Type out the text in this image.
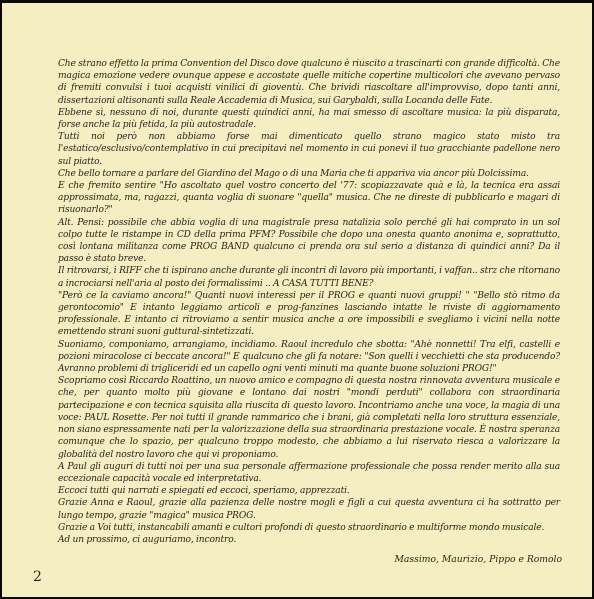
Che strano effetto la prima Convention del Disco dove qualcuno è riuscito a trascinarti con grande difficoltà. Che magica emozione vedere ovunque appese e accostate quelle mitiche copertine multicolori che avevano pervaso di fremiti convulsi i tuoi acquisti vinilici di gioventù. Che brividi riascoltare all'improvviso, dopo tanti anni, dissertazioni altisonanti sulla Reale Accademia di Musica, sui Garybaldi, sulla Locanda delle Fate.

Ebbene sì, nessuno di noi, durante questi quindici anni, ha mai smesso di ascoltare musica: la più disparata, forse anche la più fetida, la più autostradale.

Tutti noi però non abbiamo forse mai dimenticato quello strano magico stato misto tra l'estatico/esclusivo/contemplativo in cui precipitavi nel momento in cui ponevi il tuo gracchiante padellone nero sul piatto.

Che bello tornare a parlare del Giardino del Mago o di una Maria che ti appariva via ancor più Dolcissima.

E che fremito sentire "Ho ascoltato quel vostro concerto del '77: scopiazzavate quà e là, la tecnica era assai approssimata, ma, ragazzi, quanta voglia di suonare "quella" musica. Che ne direste di pubblicarlo e magari di risuonarlo?"

Alt. Pensi: possibile che abbia voglia di una magistrale presa natalizia solo perché gli hai comprato in un sol colpo tutte le ristampe in CD della prima PFM? Possibile che dopo una onesta quanto anonima e, soprattutto, così lontana militanza come PROG BAND qualcuno ci prenda ora sul serio a distanza di quindici anni? Da il passo è stato breve.

Il ritrovarsi, i RIFF che ti ispirano anche durante gli incontri di lavoro più importanti, i vaffan.. strz che ritornano a incrociarsi nell'aria al posto dei formalissimi .. A CASA TUTTI BENE?

"Però ce la caviamo ancora!" Quanti nuovi interessi per il PROG e quanti nuovi gruppi! " "Bello stò ritmo da gerontocomio" E intanto leggiamo articoli e prog-fanzines lasciando intatte le riviste di aggiornamento professionale. E intanto ci ritroviamo a sentir musica anche a ore impossibili e svegliamo i vicini nella notte emettendo strani suoni guttural-sintetizzati.

Suoniamo, componiamo, arrangiamo, incidiamo. Raoul incredulo che sbotta: "Ahè nonnetti! Tra elfi, castelli e pozioni miracolose ci beccate ancora!" E qualcuno che gli fa notare: "Son quelli i vecchietti che sta producendo? Avranno problemi di trigliceridi ed un capello ogni venti minuti ma quante buone soluzioni PROG!"

Scopriamo così Riccardo Roattino, un nuovo amico e compagno di questa nostra rinnovata avventura musicale e che, per quanto molto più giovane e lontano dai nostri "mondi perduti" collabora con straordinaria partecipazione e con tecnica squisita alla riuscita di questo lavoro. Incontriamo anche una voce, la magia di una voce: PAUL Rosette. Per noi tutti il grande rammarico che i brani, già completati nella loro struttura essenziale, non siano espressamente nati per la valorizzazione della sua straordinaria prestazione vocale. È nostra speranza comunque che lo spazio, per qualcuno troppo modesto, che abbiamo a lui riservato riesca a valorizzare la globalità del nostro lavoro che qui vi proponiamo.

A Paul gli auguri di tutti noi per una sua personale affermazione professionale che possa render merito alla sua eccezionale capacità vocale ed interpretativa.

Eccoci tutti qui narrati e spiegati ed eccoci, speriamo, apprezzati.

Grazie Anna e Raoul, grazie alla pazienza delle nostre mogli e figli a cui questa avventura ci ha sottratto per lungo tempo, grazie "magica" musica PROG.

Grazie a Voi tutti, instancabili amanti e cultori profondi di questo straordinario e multiforme mondo musicale.

Ad un prossimo, ci auguriamo, incontro.

Massimo, Maurizio, Pippo e Romolo
2
